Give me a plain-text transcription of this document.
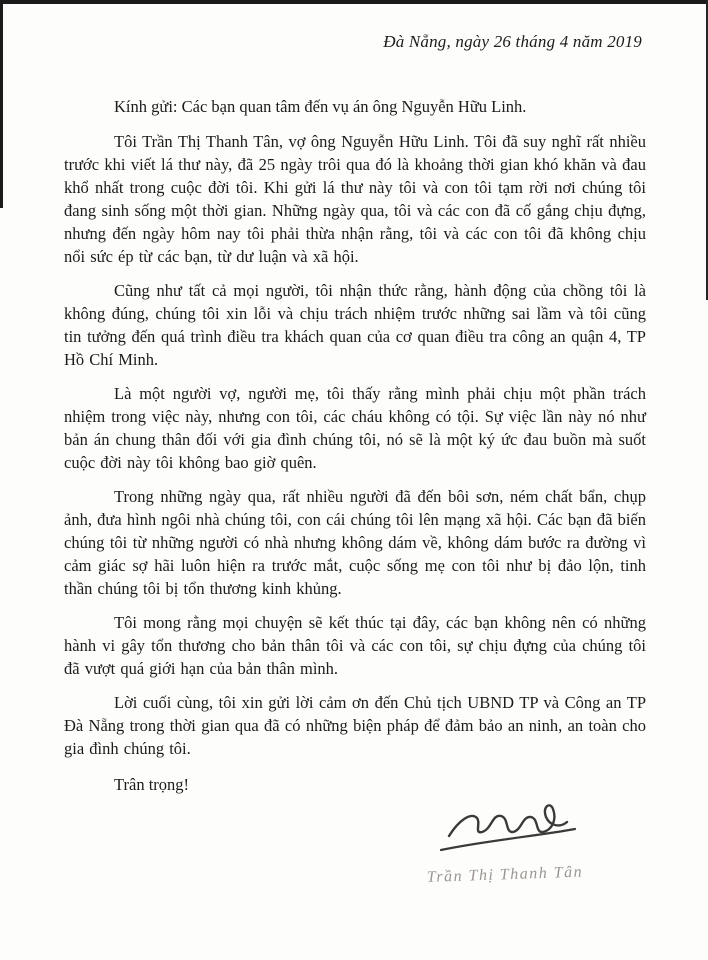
Đà Nẵng, ngày 26 tháng 4 năm 2019
Kính gửi: Các bạn quan tâm đến vụ án ông Nguyễn Hữu Linh.

Tôi Trần Thị Thanh Tân, vợ ông Nguyễn Hữu Linh. Tôi đã suy nghĩ rất nhiều trước khi viết lá thư này, đã 25 ngày trôi qua đó là khoảng thời gian khó khăn và đau khổ nhất trong cuộc đời tôi. Khi gửi lá thư này tôi và con tôi tạm rời nơi chúng tôi đang sinh sống một thời gian. Những ngày qua, tôi và các con đã cố gắng chịu đựng, nhưng đến ngày hôm nay tôi phải thừa nhận rằng, tôi và các con tôi đã không chịu nổi sức ép từ các bạn, từ dư luận và xã hội.

Cũng như tất cả mọi người, tôi nhận thức rằng, hành động của chồng tôi là không đúng, chúng tôi xin lỗi và chịu trách nhiệm trước những sai lầm và tôi cũng tin tưởng đến quá trình điều tra khách quan của cơ quan điều tra công an quận 4, TP Hồ Chí Minh.

Là một người vợ, người mẹ, tôi thấy rằng mình phải chịu một phần trách nhiệm trong việc này, nhưng con tôi, các cháu không có tội. Sự việc lần này nó như bản án chung thân đối với gia đình chúng tôi, nó sẽ là một ký ức đau buồn mà suốt cuộc đời này tôi không bao giờ quên.

Trong những ngày qua, rất nhiều người đã đến bôi sơn, ném chất bẩn, chụp ảnh, đưa hình ngôi nhà chúng tôi, con cái chúng tôi lên mạng xã hội. Các bạn đã biến chúng tôi từ những người có nhà nhưng không dám về, không dám bước ra đường vì cảm giác sợ hãi luôn hiện ra trước mắt, cuộc sống mẹ con tôi như bị đảo lộn, tinh thần chúng tôi bị tổn thương kinh khủng.

Tôi mong rằng mọi chuyện sẽ kết thúc tại đây, các bạn không nên có những hành vi gây tổn thương cho bản thân tôi và các con tôi, sự chịu đựng của chúng tôi đã vượt quá giới hạn của bản thân mình.

Lời cuối cùng, tôi xin gửi lời cảm ơn đến Chủ tịch UBND TP và Công an TP Đà Nẵng trong thời gian qua đã có những biện pháp để đảm bảo an ninh, an toàn cho gia đình chúng tôi.

Trân trọng!
Trần Thị Thanh Tân
